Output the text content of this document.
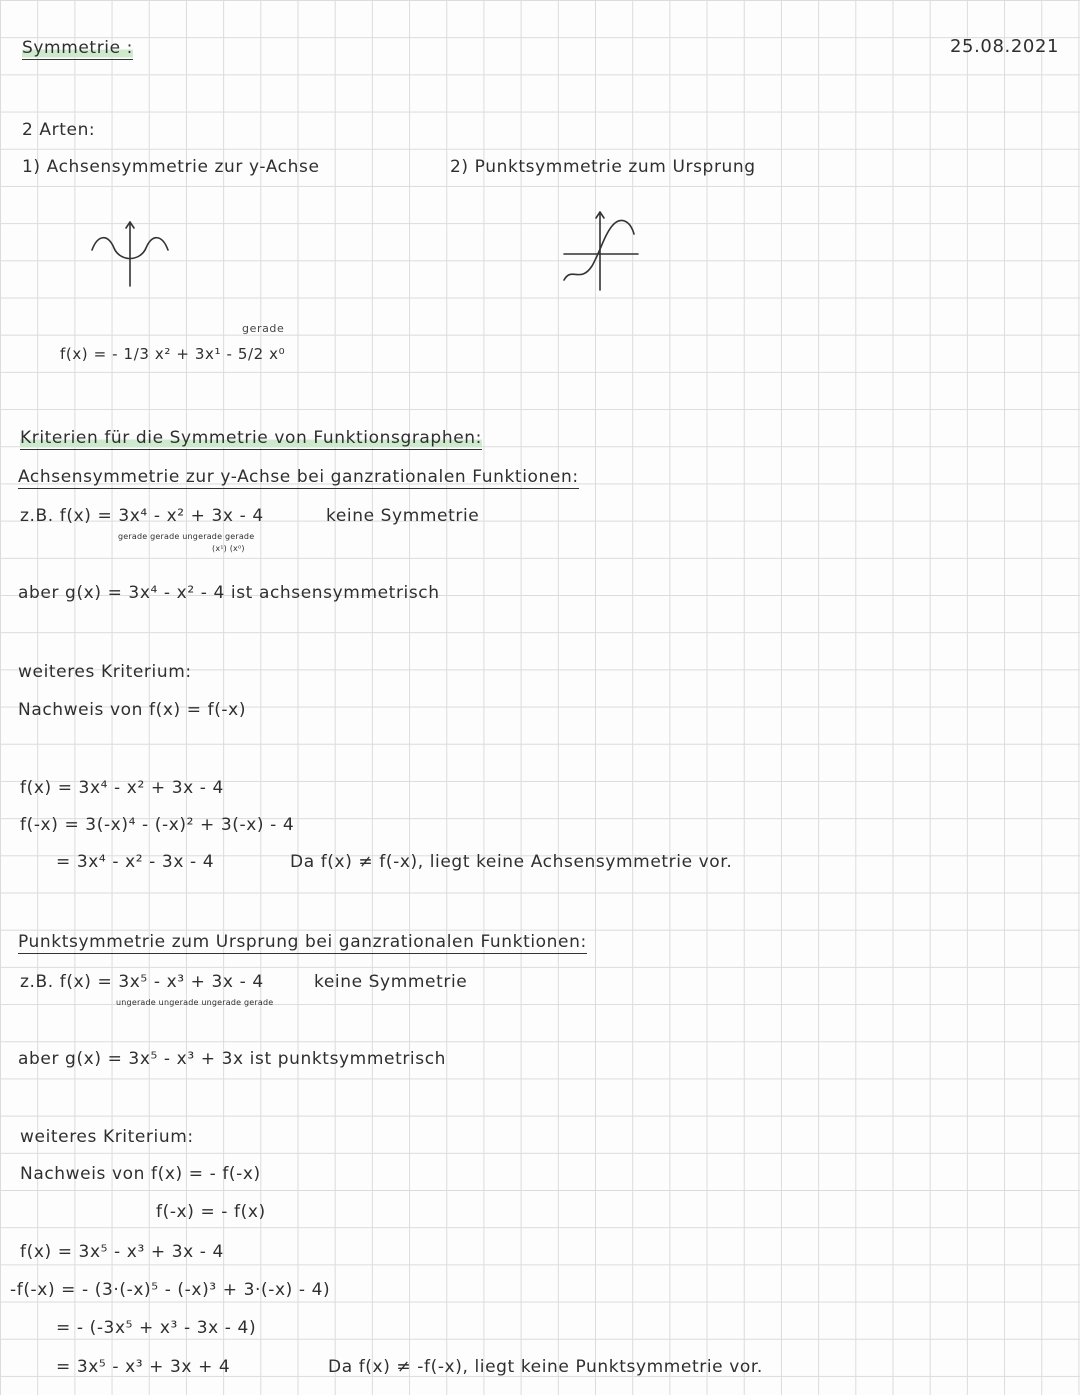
Symmetrie :	25.08.2021
2 Arten:
1) Achsensymmetrie zur y-Achse	2) Punktsymmetrie zum Ursprung
f(x) = - 1/3 x² + 3x¹ - 5/2 x⁰
gerade
Kriterien für die Symmetrie von Funktionsgraphen:
Achsensymmetrie zur y-Achse bei ganzrationalen Funktionen:
z.B. f(x) = 3x⁴ - x² + 3x - 4
gerade gerade ungerade gerade
(x¹) (x⁰)
keine Symmetrie
aber g(x) = 3x⁴ - x² - 4 ist achsensymmetrisch
weiteres Kriterium:
Nachweis von f(x) = f(-x)
f(x) = 3x⁴ - x² + 3x - 4
f(-x) = 3(-x)⁴ - (-x)² + 3(-x) - 4
= 3x⁴ - x² - 3x - 4	Da f(x) ≠ f(-x), liegt keine Achsensymmetrie vor.
Punktsymmetrie zum Ursprung bei ganzrationalen Funktionen:
z.B. f(x) = 3x⁵ - x³ + 3x - 4
ungerade ungerade ungerade gerade
keine Symmetrie
aber g(x) = 3x⁵ - x³ + 3x ist punktsymmetrisch
weiteres Kriterium:
Nachweis von f(x) = - f(-x)
f(-x) = - f(x)
f(x) = 3x⁵ - x³ + 3x - 4
-f(-x) = - (3·(-x)⁵ - (-x)³ + 3·(-x) - 4)
= - (-3x⁵ + x³ - 3x - 4)
= 3x⁵ - x³ + 3x + 4	Da f(x) ≠ -f(-x), liegt keine Punktsymmetrie vor.
